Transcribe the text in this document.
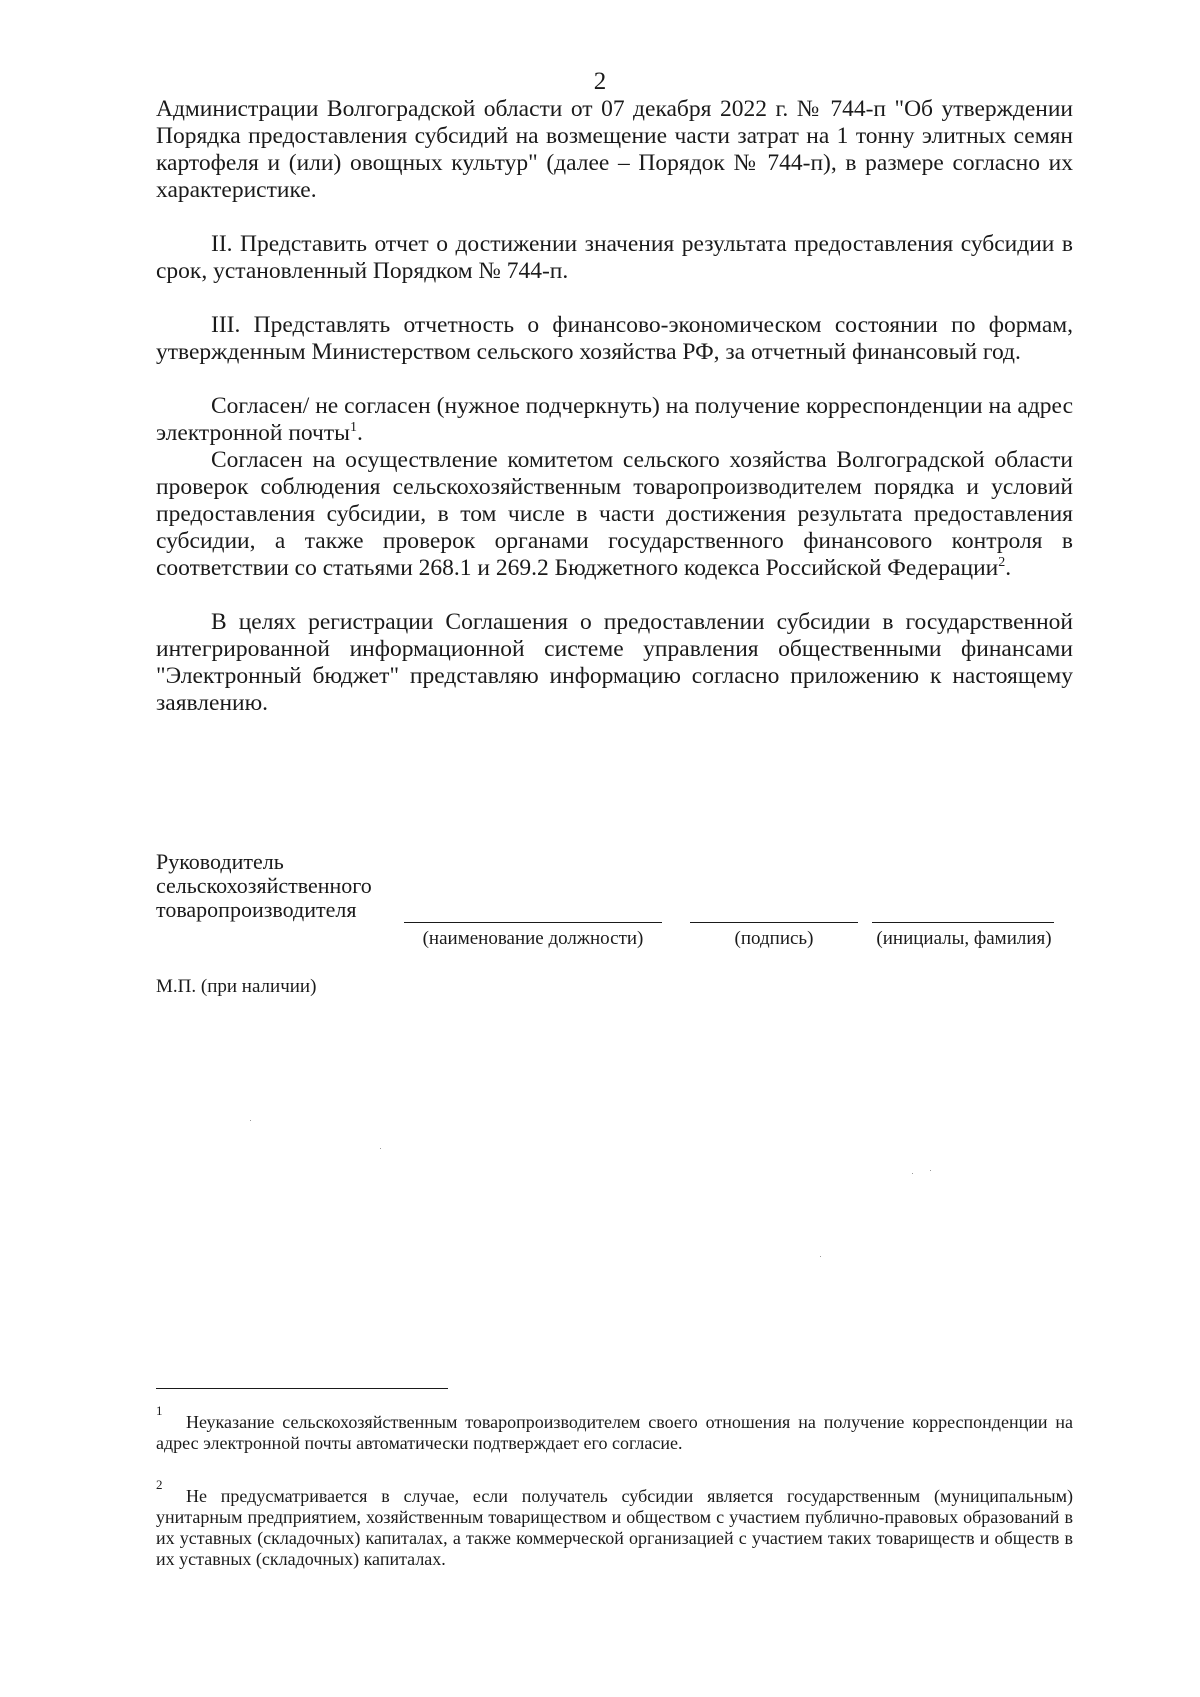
2

Администрации Волгоградской области от 07 декабря 2022 г. № 744-п "Об утверждении Порядка предоставления субсидий на возмещение части затрат на 1 тонну элитных семян картофеля и (или) овощных культур" (далее – Порядок № 744-п), в размере согласно их характеристике.

II. Представить отчет о достижении значения результата предоставления субсидии в срок, установленный Порядком № 744-п.

III. Представлять отчетность о финансово-экономическом состоянии по формам, утвержденным Министерством сельского хозяйства РФ, за отчетный финансовый год.

Согласен/ не согласен (нужное подчеркнуть) на получение корреспонденции на адрес электронной почты$^1$.

Согласен на осуществление комитетом сельского хозяйства Волгоградской области проверок соблюдения сельскохозяйственным товаропроизводителем порядка и условий предоставления субсидии, в том числе в части достижения результата предоставления субсидии, а также проверок органами государственного финансового контроля в соответствии со статьями 268.1 и 269.2 Бюджетного кодекса Российской Федерации$^2$.

В целях регистрации Соглашения о предоставлении субсидии в государственной интегрированной информационной системе управления общественными финансами "Электронный бюджет" представляю информацию согласно приложению к настоящему заявлению.

Руководитель
сельскохозяйственного
товаропроизводителя
(наименование должности)	(подпись)	(инициалы, фамилия)
М.П. (при наличии)
1
Неуказание сельскохозяйственным товаропроизводителем своего отношения на получение корреспонденции на адрес электронной почты автоматически подтверждает его согласие.
2
Не предусматривается в случае, если получатель субсидии является государственным (муниципальным) унитарным предприятием, хозяйственным товариществом и обществом с участием публично-правовых образований в их уставных (складочных) капиталах, а также коммерческой организацией с участием таких товариществ и обществ в их уставных (складочных) капиталах.
